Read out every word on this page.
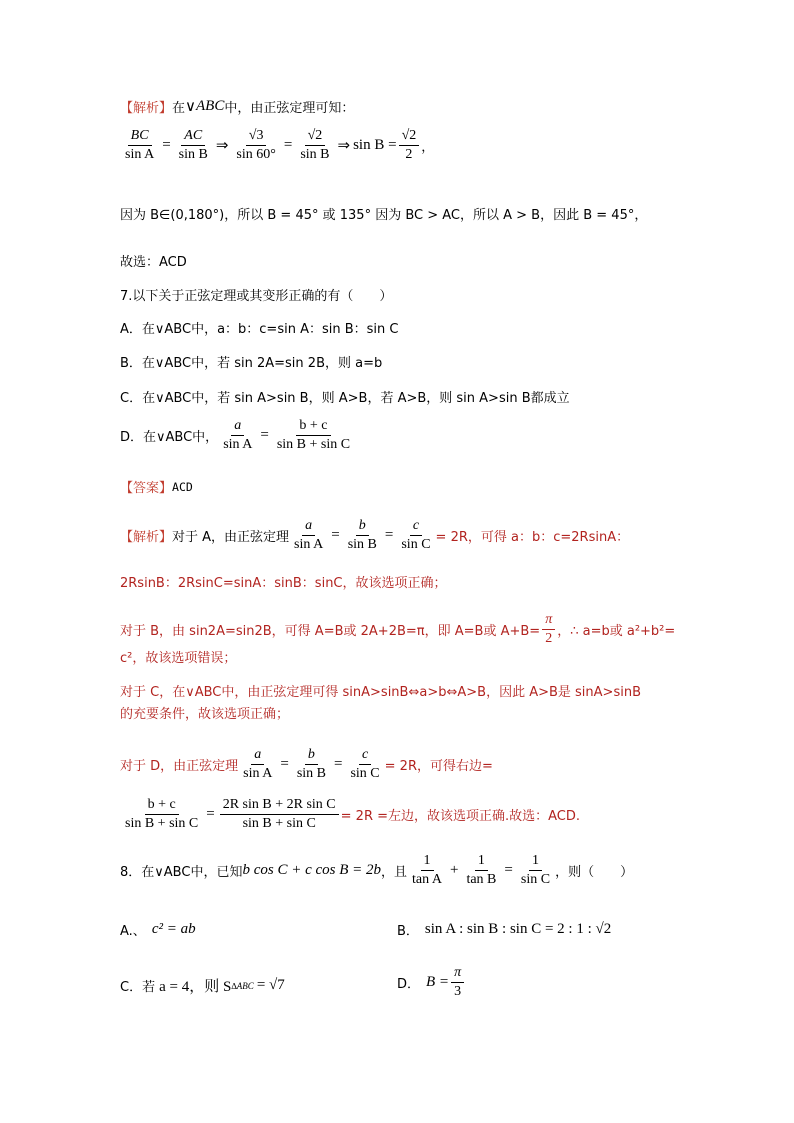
【解析】 在 ∨ ABC 中，由正弦定理可知：
$\frac{BC}{\text{sin A}} = \frac{AC}{\text{sin B}}$ ⇒ $\frac{√3}{\sin 60^\circ} = \frac{√2}{\text{sin B}}$ ⇒ $\sin B = \frac{√2}{2}$ ，
因为 B∈(0,180°)，所以 B = 45° 或 135° 因为 BC > AC，所以 A > B，因此 B = 45°，
故选：ACD
7.以下关于正弦定理或其变形正确的有（　　）
A．在∨ABC中，a：b：c=sin A：sin B：sin C
B．在∨ABC中，若 sin 2A=sin 2B，则 a=b
C．在∨ABC中，若 sin A>sin B，则 A>B，若 A>B，则 sin A>sin B都成立
D．在∨ABC中， $\frac{a}{\text{sin A}} = \frac{b + c}{\text{sin B + sin C}}$
【答案】 ACD
【解析】 对于 A，由正弦定理 $\frac{a}{\text{sin A}} = \frac{b}{\text{sin B}} = \frac{c}{\text{sin C}} = 2R$，可得 a：b：c=2RsinA：
2RsinB：2RsinC=sinA：sinB：sinC，故该选项正确；
对于 B，由 sin2A=sin2B，可得 A=B或 2A+2B=π，即 A=B或 $A+B= \frac{\pi}{2}$ ，∴ a=b或 a²+b²=
c²，故该选项错误；
对于 C，在∨ABC中，由正弦定理可得 sinA>sinB⇔a>b⇔A>B，因此 A>B是 sinA>sinB
的充要条件，故该选项正确；
对于 D，由正弦定理 $\frac{a}{\text{sin A}} = \frac{b}{\text{sin B}} = \frac{c}{\text{sin C}} = 2R$，可得右边=
$\frac{b + c}{\text{sin B + sin C}} = \frac{\text{2R sin B + 2R sin C}}{\text{sin B + sin C}} = 2R$ =左边，故该选项正确.故选：ACD.
8．在∨ABC中，已知 b cos C + c cos B = 2b ，且 $\frac{1}{\text{tan A}} + \frac{1}{\text{tan B}} = \frac{1}{\text{sin C}}$ ，则（　　）
A.、 c² = ab	B． sin A : sin B : sin C = 2 : 1 : √2
C．若 a = 4，则 S ∆ABC = √7	D． $B = \frac{\pi}{3}$
